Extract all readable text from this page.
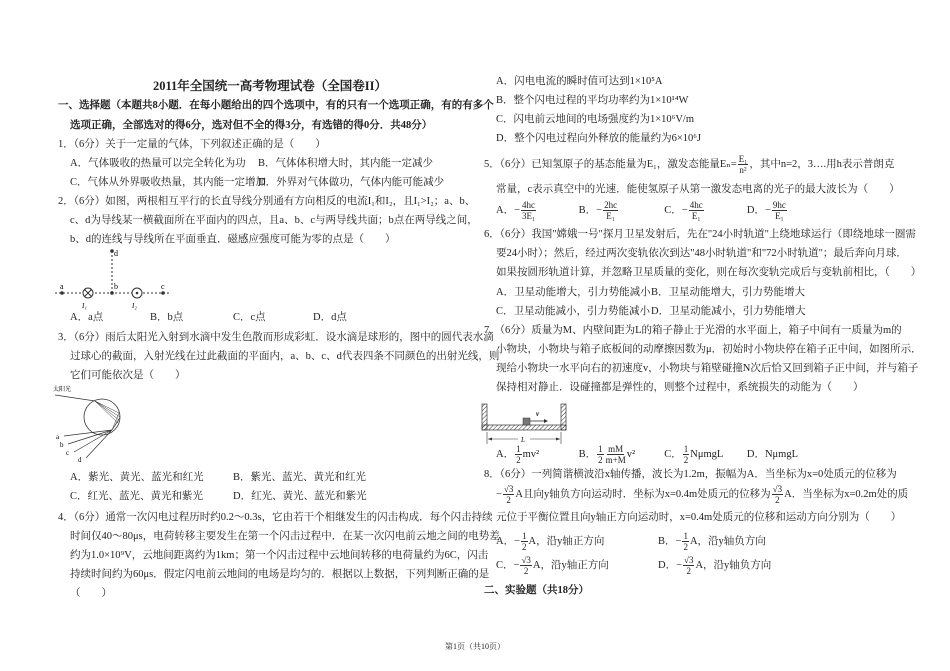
2011年全国统一高考物理试卷（全国卷II）
一、选择题（本题共8小题．在每小题给出的四个选项中，有的只有一个选项正确，有的有多个
选项正确，全部选对的得6分，选对但不全的得3分，有选错的得0分．共48分）
1．（6分）关于一定量的气体，下列叙述正确的是（　　）
A．气体吸收的热量可以完全转化为功 B．气体体积增大时，其内能一定减少
C．气体从外界吸收热量，其内能一定增加
D．外界对气体做功，气体内能可能减少
2．（6分）如图，两根相互平行的长直导线分别通有方向相反的电流I₁和I₂，且I₁>I₂；a、b、
c、d为导线某一横截面所在平面内的四点，且a、b、c与两导线共面；b点在两导线之间，
b、d的连线与导线所在平面垂直．磁感应强度可能为零的点是（　　）
a	b	c
d
I₁	I₂
A．a点	B．b点	C．c点	D．d点
3．（6分）雨后太阳光入射到水滴中发生色散而形成彩虹．设水滴是球形的，图中的圆代表水滴
过球心的截面，入射光线在过此截面的平面内，a、b、c、d代表四条不同颜色的出射光线，则
它们可能依次是（　　）
太阳光
a
b
c
d
A．紫光、黄光、蓝光和红光	B．紫光、蓝光、黄光和红光
C．红光、蓝光、黄光和紫光	D．红光、黄光、蓝光和紫光
4．（6分）通常一次闪电过程历时约0.2～0.3s，它由若干个相继发生的闪击构成．每个闪击持续
时间仅40～80μs，电荷转移主要发生在第一个闪击过程中．在某一次闪电前云地之间的电势差
约为1.0×10⁹V，云地间距离约为1km；第一个闪击过程中云地间转移的电荷量约为6C，闪击
持续时间约为60μs．假定闪电前云地间的电场是均匀的．根据以上数据，下列判断正确的是
（　　）
A．闪电电流的瞬时值可达到1×10⁵A
B．整个闪电过程的平均功率约为1×10¹⁴W
C．闪电前云地间的电场强度约为1×10⁶V/m
D．整个闪电过程向外释放的能量约为6×10⁶J
5．（6分）已知氢原子的基态能量为E₁，激发态能量$E_n= \frac{\text{E₁}}{\text{n²}}$ ，其中n=2，3….用h表示普朗克
常量，c表示真空中的光速．能使氢原子从第一激发态电离的光子的最大波长为（　　）
A．− $\frac{4hc}{\text{3E₁}}$	B．− $\frac{2hc}{\text{E₁}}$	C．− $\frac{4hc}{\text{E₁}}$	D．− $\frac{9hc}{\text{E₁}}$
6．（6分）我国"嫦娥一号"探月卫星发射后，先在"24小时轨道"上绕地球运行（即绕地球一圈需
要24小时）；然后，经过两次变轨依次到达"48小时轨道"和"72小时轨道"；最后奔向月球．
如果按圆形轨道计算，并忽略卫星质量的变化，则在每次变轨完成后与变轨前相比，（　　）
A．卫星动能增大，引力势能减小 B．卫星动能增大，引力势能增大
C．卫星动能减小，引力势能减小 D．卫星动能减小，引力势能增大
7．（6分）质量为M、内壁间距为L的箱子静止于光滑的水平面上，箱子中间有一质量为m的
小物块，小物块与箱子底板间的动摩擦因数为μ．初始时小物块停在箱子正中间，如图所示．
现给小物块一水平向右的初速度v，小物块与箱壁碰撞N次后恰又回到箱子正中间，并与箱子
保持相对静止．设碰撞都是弹性的，则整个过程中，系统损失的动能为（　　）
v
L
A． $\frac{1}{2} mv^2$	B． $\frac{1}{2} \frac{mM}{m+M} v^2$	C． $\frac{1}{2}$ NμmgL D．NμmgL
8．（6分）一列简谐横波沿x轴传播，波长为1.2m，振幅为A．当坐标为x=0处质元的位移为
− $\frac{√3}{2}$ A且向y轴负方向运动时．坐标为x=0.4m处质元的位移为 $\frac{√3}{2}$ A．当坐标为x=0.2m处的质
元位于平衡位置且向y轴正方向运动时，x=0.4m处质元的位移和运动方向分别为（　　）
A．− $\frac{1}{2}$ A，沿y轴正方向	B．− $\frac{1}{2}$ A，沿y轴负方向
C．− $\frac{√3}{2}$ A，沿y轴正方向	D．− $\frac{√3}{2}$ A，沿y轴负方向
二、实验题（共18分）
第1页（共10页）
